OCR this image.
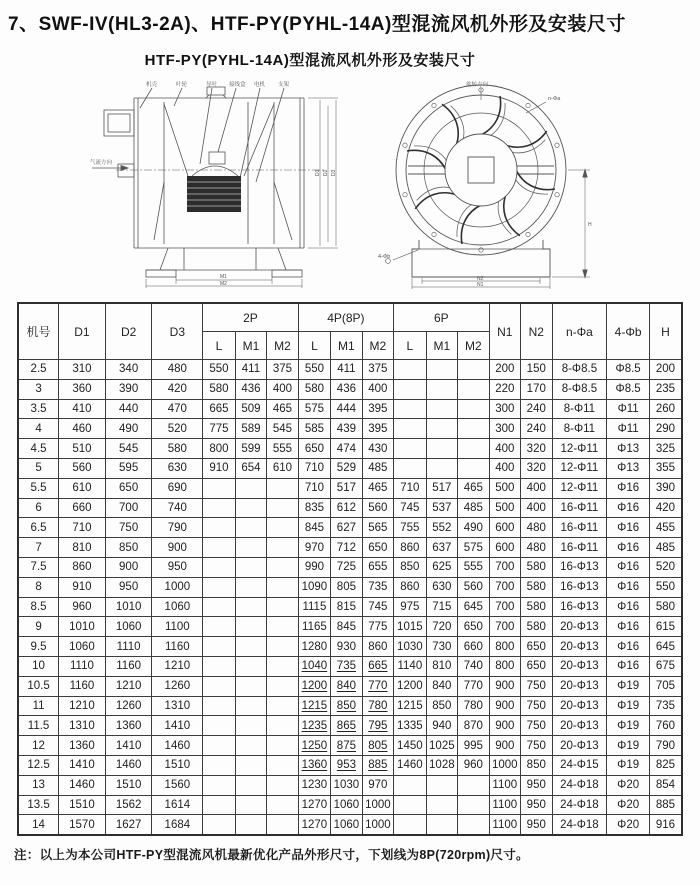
7、SWF-IV(HL3-2A)、HTF-PY(PYHL-14A)型混流风机外形及安装尺寸
HTF-PY(PYHL-14A)型混流风机外形及安装尺寸
机壳	叶轮	导叶 接线盒 电机 支架
气流方向
D1 D2 D3
M1
M2
旋转方向
n-Φa
4-Φb
H
N2
N1
机号	D1	D2	D3	2P			4P(8P)			6P			N1	N2	n-Φa	4-Φb	H
				L	M1	M2	L	M1	M2	L	M1	M2					
2.5	310	340	480	550	411	375	550	411	375				200	150	8-Φ8.5	Φ8.5	200
3	360	390	420	580	436	400	580	436	400				220	170	8-Φ8.5	Φ8.5	235
3.5	410	440	470	665	509	465	575	444	395				300	240	8-Φ11	Φ11	260
4	460	490	520	775	589	545	585	439	395				300	240	8-Φ11	Φ11	290
4.5	510	545	580	800	599	555	650	474	430				400	320	12-Φ11	Φ13	325
5	560	595	630	910	654	610	710	529	485				400	320	12-Φ11	Φ13	355
5.5	610	650	690				710	517	465	710	517	465	500	400	12-Φ11	Φ16	390
6	660	700	740				835	612	560	745	537	485	500	400	16-Φ11	Φ16	420
6.5	710	750	790				845	627	565	755	552	490	600	480	16-Φ11	Φ16	455
7	810	850	900				970	712	650	860	637	575	600	480	16-Φ11	Φ16	485
7.5	860	900	950				990	725	655	850	625	555	700	580	16-Φ13	Φ16	520
8	910	950	1000				1090	805	735	860	630	560	700	580	16-Φ13	Φ16	550
8.5	960	1010	1060				1115	815	745	975	715	645	700	580	16-Φ13	Φ16	580
9	1010	1060	1100				1165	845	775	1015	720	650	700	580	20-Φ13	Φ16	615
9.5	1060	1110	1160				1280	930	860	1030	730	660	800	650	20-Φ13	Φ16	645
10	1110	1160	1210				1040	735	665	1140	810	740	800	650	20-Φ13	Φ16	675
10.5	1160	1210	1260				1200	840	770	1200	840	770	900	750	20-Φ13	Φ19	705
11	1210	1260	1310				1215	850	780	1215	850	780	900	750	20-Φ13	Φ19	735
11.5	1310	1360	1410				1235	865	795	1335	940	870	900	750	20-Φ13	Φ19	760
12	1360	1410	1460				1250	875	805	1450	1025	995	900	750	20-Φ13	Φ19	790
12.5	1410	1460	1510				1360	953	885	1460	1028	960	1000	850	24-Φ15	Φ19	825
13	1460	1510	1560				1230	1030	970				1100	950	24-Φ18	Φ20	854
13.5	1510	1562	1614				1270	1060	1000				1100	950	24-Φ18	Φ20	885
14	1570	1627	1684				1270	1060	1000				1100	950	24-Φ18	Φ20	916
注：以上为本公司HTF-PY型混流风机最新优化产品外形尺寸，下划线为8P(720rpm)尺寸。
